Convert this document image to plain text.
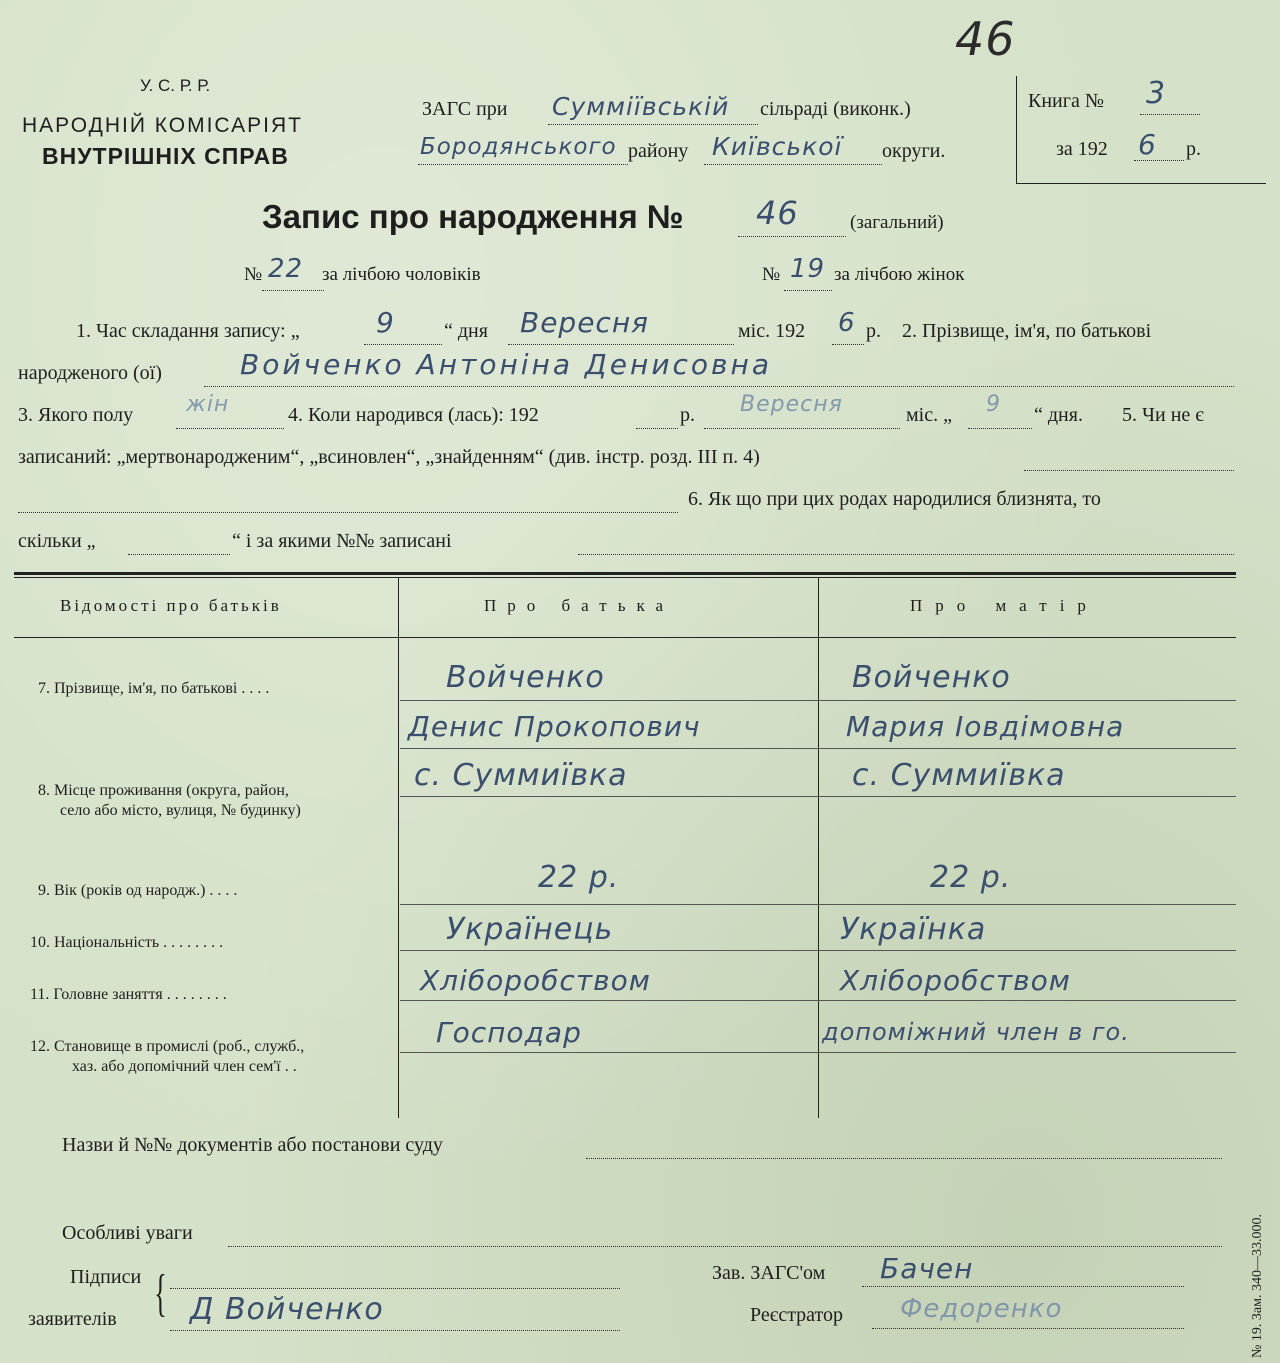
46
У. С. Р. Р.
НАРОДНІЙ КОМІСАРІЯТ
ВНУТРІШНІХ СПРАВ
ЗАГС при Сумміївській сільраді (виконк.)
Бородянського району Київської округи.
Книга № 3
за 192 6 р.
Запис про народження № 46	(загальний)
№ 22 за лічбою чоловіків	№ 19 за лічбою жінок
1. Час складання запису: „	9 “ дня Вересня	міс. 192 6 р. 2. Прізвище, ім'я, по батькові
народженого (ої)	Войченко Антоніна Денисовна
3. Якого полу жін	4. Коли народився (лась): 192	р. Вересня	міс. „ 9 “ дня. 5. Чи не є
записаний: „мертвонародженим“, „всиновлен“, „знайденням“ (див. інстр. розд. III п. 4)
6. Як що при цих родах народилися близнята, то
скільки „	“ і за якими №№ записані
Відомості про батьків	Про батька	Про матір
7. Прізвище, ім'я, по батькові . . . .	Войченко	Войченко
Денис Прокопович	Мария Іовдімовна
8. Місце проживання (округа, район,
село або місто, вулиця, № будинку)
с. Суммиївка	с. Суммиївка
9. Вік (років од народж.) . . . .	22 р.	22 р.
10. Національність . . . . . . . .	Українець	Українка
11. Головне заняття . . . . . . . .	Хліборобством	Хліборобством
12. Становище в промислі (роб., служб.,
хаз. або допомічний член сем'ї . .
Господар	допоміжний член в го.
Назви й №№ документів або постанови суду
Особливі уваги
Підписи
заявителів { Д Войченко
Зав. ЗАГС'ом Бачен
Реєстратор Федоренко	№ 19. Зам. 340—33.000.
